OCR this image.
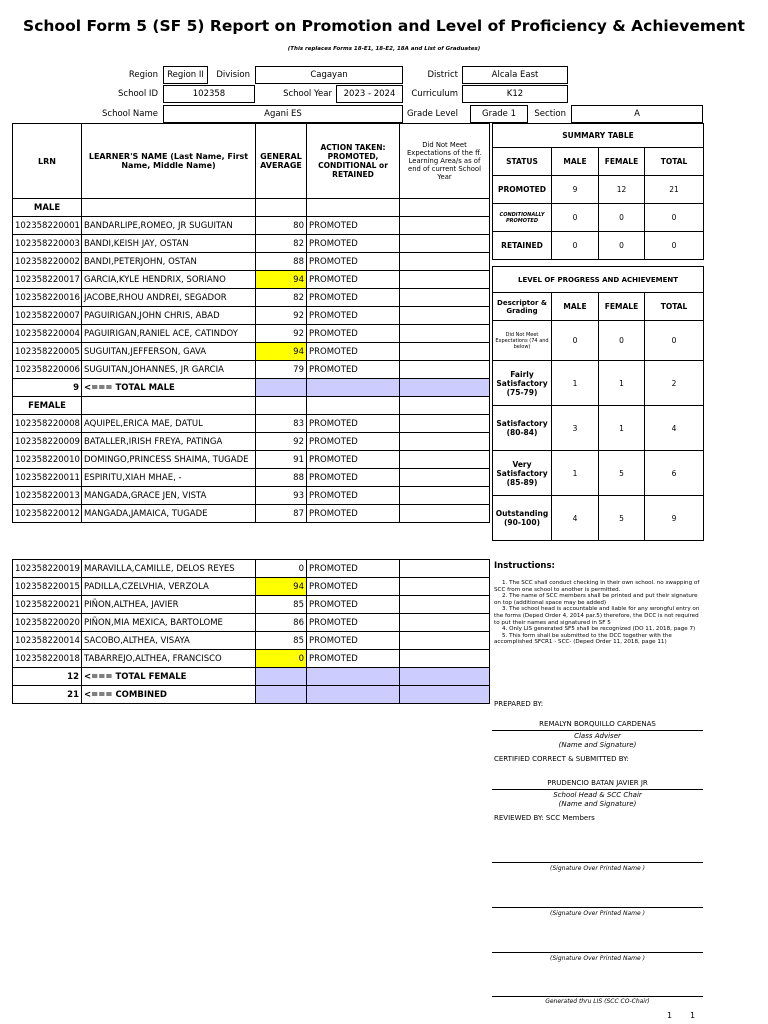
School Form 5 (SF 5) Report on Promotion and Level of Proficiency & Achievement
(This replaces Forms 18-E1, 18-E2, 18A and List of Graduates)
Region	Region II	Division	Cagayan	District	Alcala East
School ID	102358	School Year	2023 - 2024	Curriculum	K12
School Name	Agani ES	Grade Level	Grade 1	Section	A
LRN	LEARNER'S NAME (Last Name, First Name, Middle Name)	GENERAL AVERAGE	ACTION TAKEN: PROMOTED, CONDITIONAL or RETAINED	Did Not Meet Expectations of the ff. Learning Area/s as of end of current School Year
MALE				
102358220001	BANDARLIPE,ROMEO, JR SUGUITAN	80	PROMOTED	
102358220003	BANDI,KEISH JAY, OSTAN	82	PROMOTED	
102358220002	BANDI,PETERJOHN, OSTAN	88	PROMOTED	
102358220017	GARCIA,KYLE HENDRIX, SORIANO	94	PROMOTED	
102358220016	JACOBE,RHOU ANDREI, SEGADOR	82	PROMOTED	
102358220007	PAGUIRIGAN,JOHN CHRIS, ABAD	92	PROMOTED	
102358220004	PAGUIRIGAN,RANIEL ACE, CATINDOY	92	PROMOTED	
102358220005	SUGUITAN,JEFFERSON, GAVA	94	PROMOTED	
102358220006	SUGUITAN,JOHANNES, JR GARCIA	79	PROMOTED	
9	<=== TOTAL MALE			
FEMALE				
102358220008	AQUIPEL,ERICA MAE, DATUL	83	PROMOTED	
102358220009	BATALLER,IRISH FREYA, PATINGA	92	PROMOTED	
102358220010	DOMINGO,PRINCESS SHAIMA, TUGADE	91	PROMOTED	
102358220011	ESPIRITU,XIAH MHAE, -	88	PROMOTED	
102358220013	MANGADA,GRACE JEN, VISTA	93	PROMOTED	
102358220012	MANGADA,JAMAICA, TUGADE	87	PROMOTED	
102358220019	MARAVILLA,CAMILLE, DELOS REYES	0	PROMOTED	
102358220015	PADILLA,CZELVHIA, VERZOLA	94	PROMOTED	
102358220021	PIÑON,ALTHEA, JAVIER	85	PROMOTED	
102358220020	PIÑON,MIA MEXICA, BARTOLOME	86	PROMOTED	
102358220014	SACOBO,ALTHEA, VISAYA	85	PROMOTED	
102358220018	TABARREJO,ALTHEA, FRANCISCO	0	PROMOTED	
12	<=== TOTAL FEMALE			
21	<=== COMBINED			
SUMMARY TABLE			
STATUS	MALE	FEMALE	TOTAL
PROMOTED	9	12	21
CONDITIONALLY PROMOTED	0	0	0
RETAINED	0	0	0
LEVEL OF PROGRESS AND ACHIEVEMENT			
Descriptor & Grading	MALE	FEMALE	TOTAL
Did Not Meet Expectations (74 and below)	0	0	0
Fairly Satisfactory (75-79)	1	1	2
Satisfactory (80-84)	3	1	4
Very Satisfactory (85-89)	1	5	6
Outstanding (90-100)	4	5	9
Instructions:

1. The SCC shall conduct checking in their own school. no swapping of SCC from one school to another is permitted.

2. The name of SCC members shall be printed and put their signature on top (additional space may be added)

3. The school head is accountable and liable for any wrongful entry on the forms (Deped Order 4, 2014 par.5) therefore, the DCC is not required to put their names and signatured in SF 5

4. Only LIS generated SF5 shall be recognized (DO 11, 2018, page 7)

5. This form shall be submitted to the DCC together with the accomplished SFCR1 - SCC- (Deped Order 11, 2018, page 11)

PREPARED BY:
REMALYN BORQUILLO CARDENAS
Class Adviser
(Name and Signature)
CERTIFIED CORRECT & SUBMITTED BY:
PRUDENCIO BATAN JAVIER JR
School Head & SCC Chair
(Name and Signature)
REVIEWED BY: SCC Members
(Signature Over Printed Name )
(Signature Over Printed Name )
(Signature Over Printed Name )
Generated thru LIS (SCC CO-Chair)
1 1
